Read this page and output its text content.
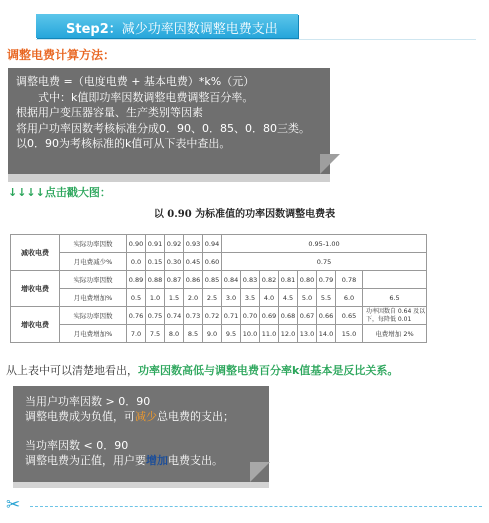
Step2：减少功率因数调整电费支出
调整电费计算方法：
调整电费 =（电度电费 + 基本电费）*k%（元）
式中：k值即功率因数调整电费调整百分率。
根据用户变压器容量、生产类别等因素
将用户功率因数考核标准分成0．90、0．85、0．80三类。
以0．90为考核标准的k值可从下表中查出。
↓↓↓↓点击戳大图：
以 0.90 为标准值的功率因数调整电费表
减收电费	实际功率因数	0.90	0.91	0.92	0.93	0.94	0.95-1.00							
	月电费减少%	0.0	0.15	0.30	0.45	0.60	0.75							
增收电费	实际功率因数	0.89	0.88	0.87	0.86	0.85	0.84	0.83	0.82	0.81	0.80	0.79	0.78	
	月电费增加%	0.5	1.0	1.5	2.0	2.5	3.0	3.5	4.0	4.5	5.0	5.5	6.0	6.5
增收电费	实际功率因数	0.76	0.75	0.74	0.73	0.72	0.71	0.70	0.69	0.68	0.67	0.66	0.65	功率因数自 0.64 及以下，每降低 0.01
	月电费增加%	7.0	7.5	8.0	8.5	9.0	9.5	10.0	11.0	12.0	13.0	14.0	15.0	电费增加 2%
从上表中可以清楚地看出，功率因数高低与调整电费百分率k值基本是反比关系。
当用户功率因数 > 0．90
调整电费成为负值，可减少总电费的支出；
当功率因数 < 0．90
调整电费为正值，用户要增加电费支出。
✂
